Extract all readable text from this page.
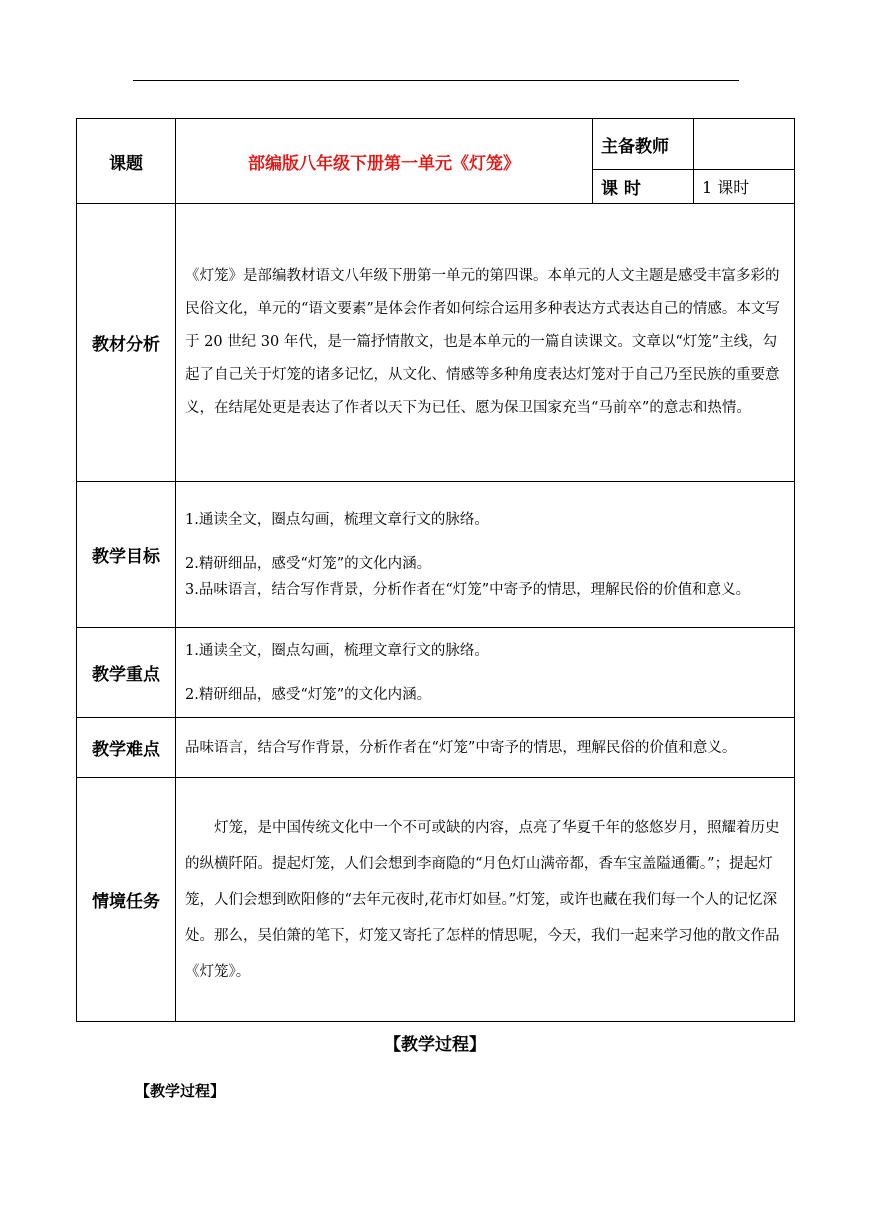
课题	部编版八年级下册第一单元《灯笼》	主备教师	
		课 时	1 课时
教材分析	《灯笼》是部编教材语文八年级下册第一单元的第四课。本单元的人文主题是感受丰富多彩的民俗文化，单元的“语文要素”是体会作者如何综合运用多种表达方式表达自己的情感。本文写于 20 世纪 30 年代，是一篇抒情散文，也是本单元的一篇自读课文。文章以“灯笼”主线，勾起了自己关于灯笼的诸多记忆，从文化、情感等多种角度表达灯笼对于自己乃至民族的重要意义，在结尾处更是表达了作者以天下为已任、愿为保卫国家充当“马前卒”的意志和热情。		

教学目标	1.通读全文，圈点勾画，梳理文章行文的脉络。

2.精研细品，感受“灯笼”的文化内涵。

3.品味语言，结合写作背景，分析作者在“灯笼”中寄予的情思，理解民俗的价值和意义。		

教学重点	1.通读全文，圈点勾画，梳理文章行文的脉络。

2.精研细品，感受“灯笼”的文化内涵。		

教学难点	品味语言，结合写作背景，分析作者在“灯笼”中寄予的情思，理解民俗的价值和意义。		

情境任务	灯笼，是中国传统文化中一个不可或缺的内容，点亮了华夏千年的悠悠岁月，照耀着历史的纵横阡陌。提起灯笼，人们会想到李商隐的“月色灯山满帝都，香车宝盖隘通衢。”；提起灯笼，人们会想到欧阳修的“去年元夜时,花市灯如昼。”灯笼，或许也藏在我们每一个人的记忆深处。那么，吴伯箫的笔下，灯笼又寄托了怎样的情思呢，今天，我们一起来学习他的散文作品《灯笼》。		

【教学过程】
【教学过程】
